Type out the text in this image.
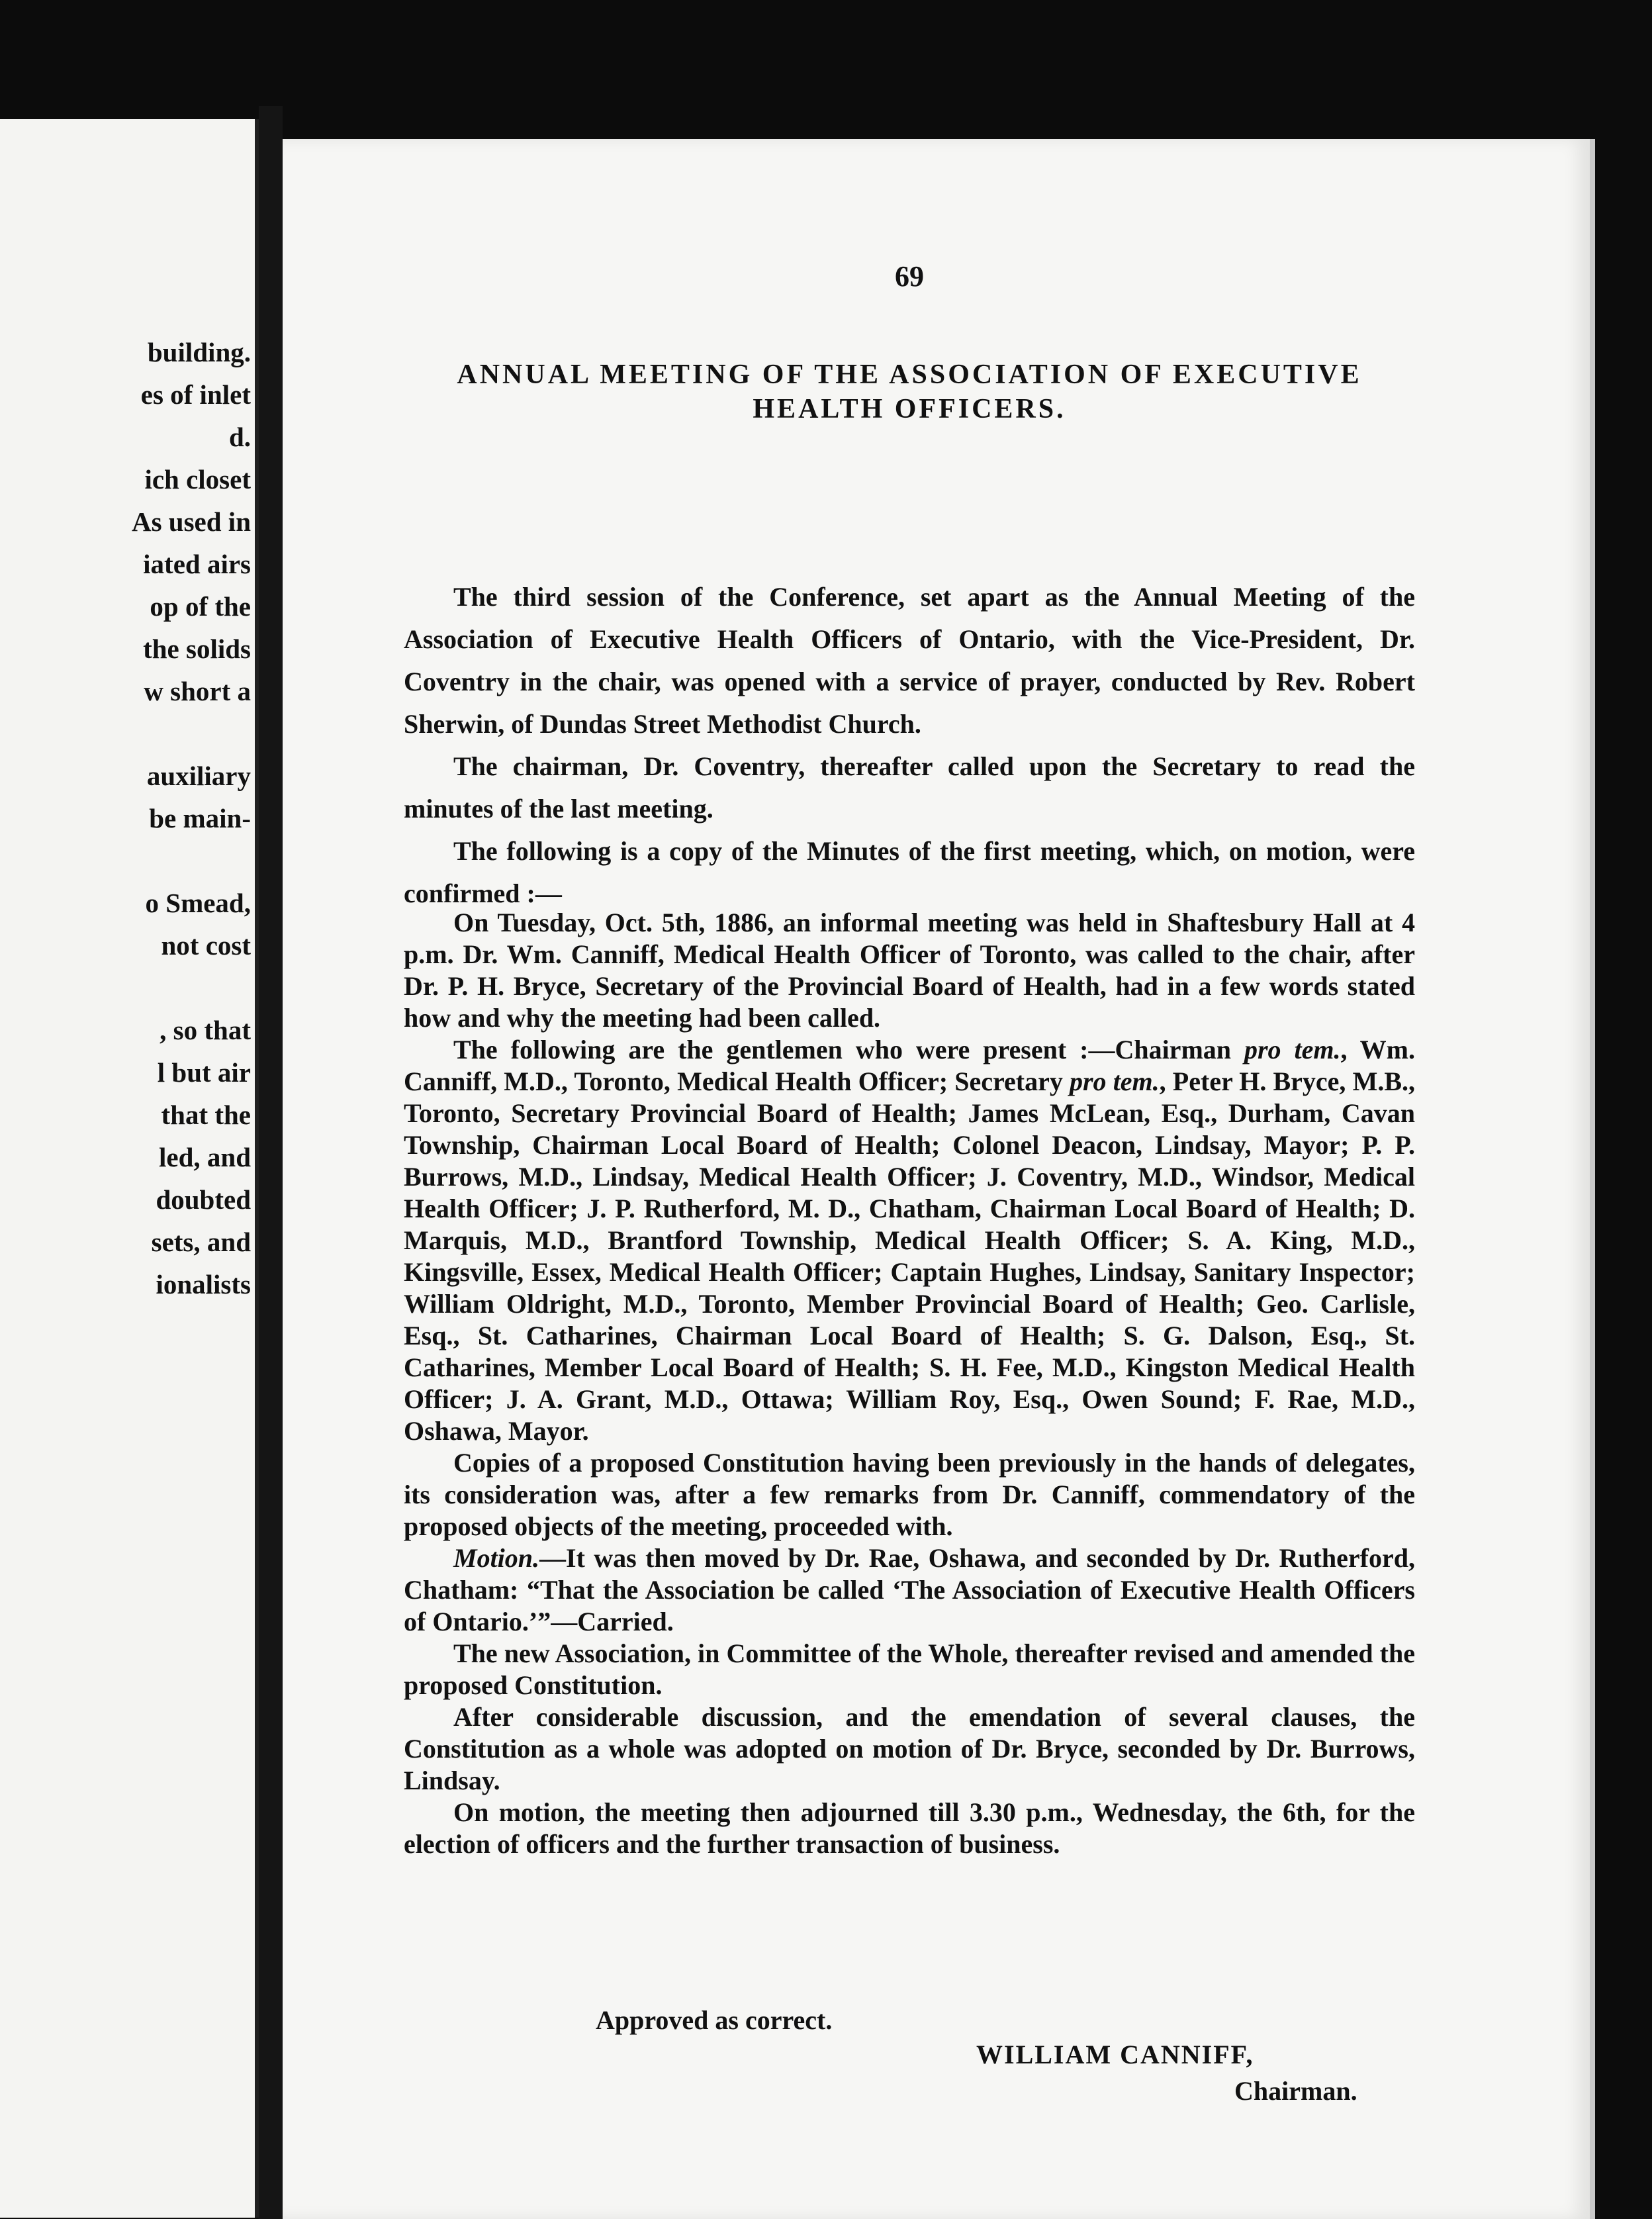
building.
es of inlet
d.
ich closet
As used in
iated airs
op of the
the solids
w short a
auxiliary
be main-
o Smead,
not cost
, so that
l but air
that the
led, and
doubted
sets, and
ionalists
69
ANNUAL MEETING OF THE ASSOCIATION OF EXECUTIVE
HEALTH OFFICERS.

The third session of the Conference, set apart as the Annual Meeting of the Association of Executive Health Officers of Ontario, with the Vice-President, Dr. Coventry in the chair, was opened with a service of prayer, conducted by Rev. Robert Sherwin, of Dundas Street Methodist Church.

The chairman, Dr. Coventry, thereafter called upon the Secretary to read the minutes of the last meeting.

The following is a copy of the Minutes of the first meeting, which, on motion, were confirmed :—

On Tuesday, Oct. 5th, 1886, an informal meeting was held in Shaftesbury Hall at 4 p.m. Dr. Wm. Canniff, Medical Health Officer of Toronto, was called to the chair, after Dr. P. H. Bryce, Secretary of the Provincial Board of Health, had in a few words stated how and why the meeting had been called.

The following are the gentlemen who were present :—Chairman pro tem., Wm. Canniff, M.D., Toronto, Medical Health Officer; Secretary pro tem., Peter H. Bryce, M.B., Toronto, Secretary Provincial Board of Health; James McLean, Esq., Durham, Cavan Township, Chairman Local Board of Health; Colonel Deacon, Lindsay, Mayor; P. P. Burrows, M.D., Lindsay, Medical Health Officer; J. Coventry, M.D., Windsor, Medical Health Officer; J. P. Rutherford, M. D., Chatham, Chairman Local Board of Health; D. Marquis, M.D., Brantford Township, Medical Health Officer; S. A. King, M.D., Kingsville, Essex, Medical Health Officer; Captain Hughes, Lindsay, Sanitary Inspector; William Oldright, M.D., Toronto, Member Provincial Board of Health; Geo. Carlisle, Esq., St. Catharines, Chairman Local Board of Health; S. G. Dalson, Esq., St. Catharines, Member Local Board of Health; S. H. Fee, M.D., Kingston Medical Health Officer; J. A. Grant, M.D., Ottawa; William Roy, Esq., Owen Sound; F. Rae, M.D., Oshawa, Mayor.

Copies of a proposed Constitution having been previously in the hands of delegates, its consideration was, after a few remarks from Dr. Canniff, commendatory of the proposed objects of the meeting, proceeded with.

Motion.—It was then moved by Dr. Rae, Oshawa, and seconded by Dr. Rutherford, Chatham: “That the Association be called ‘The Association of Executive Health Officers of Ontario.’”—Carried.

The new Association, in Committee of the Whole, thereafter revised and amended the proposed Constitution.

After considerable discussion, and the emendation of several clauses, the Constitution as a whole was adopted on motion of Dr. Bryce, seconded by Dr. Burrows, Lindsay.

On motion, the meeting then adjourned till 3.30 p.m., Wednesday, the 6th, for the election of officers and the further transaction of business.

Approved as correct.
WILLIAM CANNIFF,
Chairman.
